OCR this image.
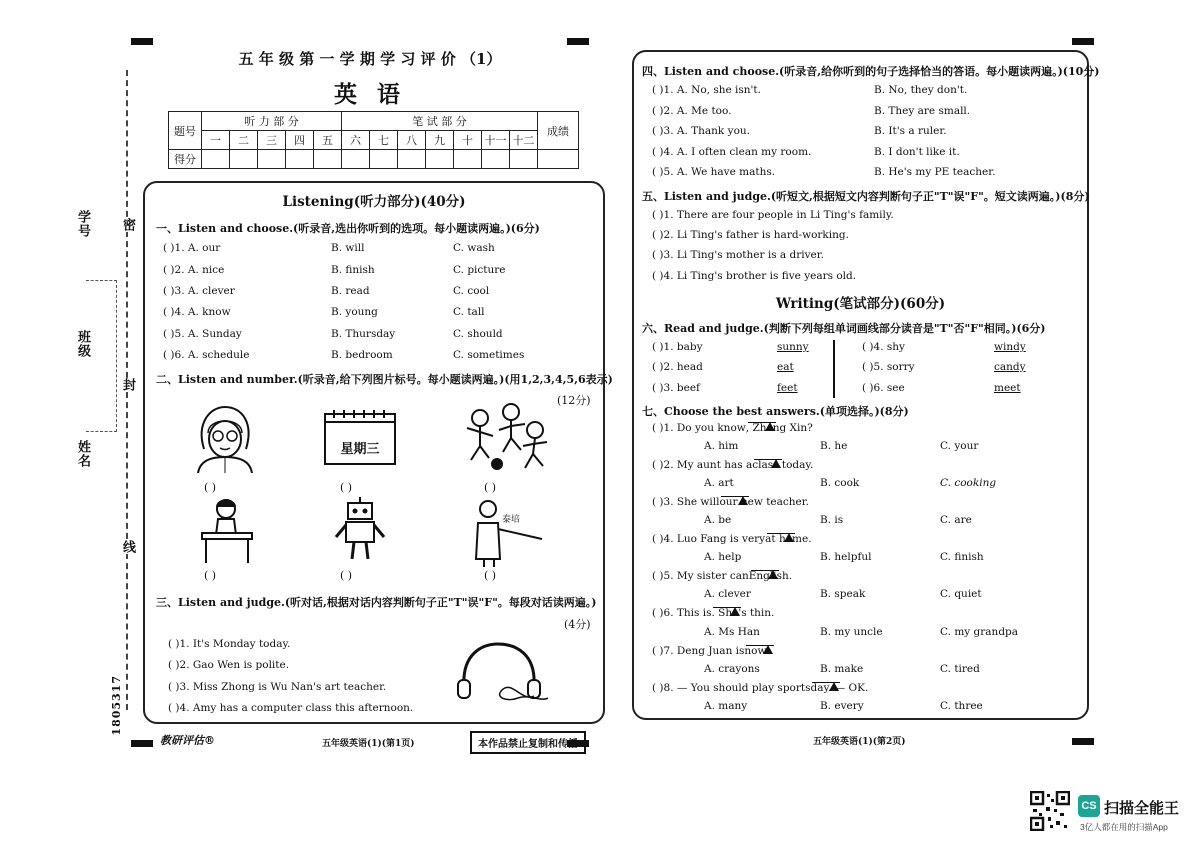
学号
班级
姓名
密
封
线
1805317
五 年 级 第 一 学 期 学 习 评 价 （1）
英 语
题号	听 力 部 分					笔 试 部 分							成绩
	一	二	三	四	五	六	七	八	九	十	十一	十二	
得分													
Listening(听力部分)(40分)
一、Listen and choose.(听录音,选出你听到的选项。每小题读两遍。)(6分)
( )1. A. our	B. will	C. wash
( )2. A. nice	B. finish	C. picture
( )3. A. clever	B. read	C. cool
( )4. A. know	B. young	C. tall
( )5. A. Sunday	B. Thursday	C. should
( )6. A. schedule	B. bedroom	C. sometimes
二、Listen and number.(听录音,给下列图片标号。每小题读两遍。)(用1,2,3,4,5,6表示)
(12分)
星期三
( )	( )	( )
泰培
( )	( )	( )
三、Listen and judge.(听对话,根据对话内容判断句子正"T"误"F"。每段对话读两遍。)
(4分)
( )1. It's Monday today.
( )2. Gao Wen is polite.
( )3. Miss Zhong is Wu Nan's art teacher.
( )4. Amy has a computer class this afternoon.
四、Listen and choose.(听录音,给你听到的句子选择恰当的答语。每小题读两遍。)(10分)
( )1. A. No, she isn't.	B. No, they don't.
( )2. A. Me too.	B. They are small.
( )3. A. Thank you.	B. It's a ruler.
( )4. A. I often clean my room.	B. I don't like it.
( )5. A. We have maths.	B. He's my PE teacher.
五、Listen and judge.(听短文,根据短文内容判断句子正"T"误"F"。短文读两遍。)(8分)
( )1. There are four people in Li Ting's family.
( )2. Li Ting's father is hard-working.
( )3. Li Ting's mother is a driver.
( )4. Li Ting's brother is five years old.
Writing(笔试部分)(60分)
六、Read and judge.(判断下列每组单词画线部分读音是"T"否"F"相同。)(6分)
( )1. baby	sunny
( )2. head	eat
( )3. beef	feet
( )4. shy	windy
( )5. sorry	candy
( )6. see	meet
七、Choose the best answers.(单项选择。)(8分)
( )1. Do you know
, Zheng Xin?
A. him	B. he	C. your
( )2. My aunt has a
class today.
A. art	B. cook	C. cooking
( )3. She will
our new teacher.
A. be	B. is	C. are
( )4. Luo Fang is very
at home.
A. help	B. helpful	C. finish
( )5. My sister can
English.
A. clever	B. speak	C. quiet
( )6. This is
. She's thin.
A. Ms Han	B. my uncle	C. my grandpa
( )7. Deng Juan is
now.
A. crayons	B. make	C. tired
( )8. — You should play sports
day. — OK.
A. many	B. every	C. three
教研评估®	五年级英语(1)(第1页)	本作品禁止复制和传播	五年级英语(1)(第2页)
CS 扫描全能王
3亿人都在用的扫描App
